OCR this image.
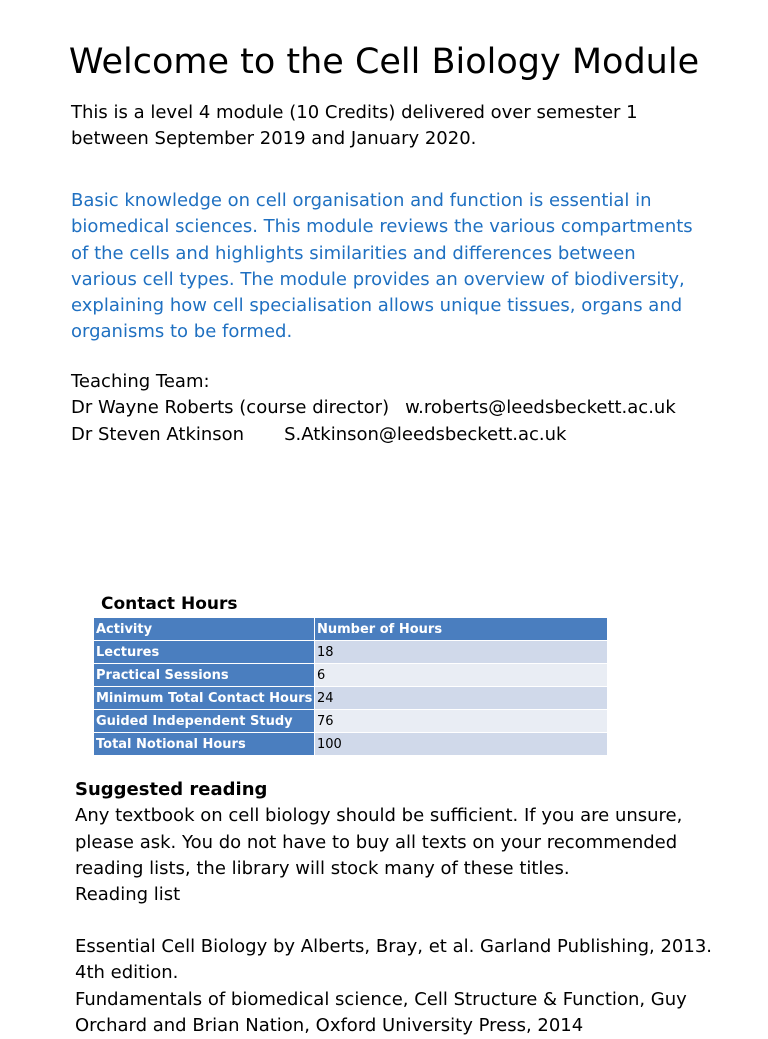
Welcome to the Cell Biology Module
This is a level 4 module (10 Credits) delivered over semester 1
between September 2019 and January 2020.
Basic knowledge on cell organisation and function is essential in
biomedical sciences. This module reviews the various compartments
of the cells and highlights similarities and differences between
various cell types. The module provides an overview of biodiversity,
explaining how cell specialisation allows unique tissues, organs and
organisms to be formed.
Teaching Team:
Dr Wayne Roberts (course director) w.roberts@leedsbeckett.ac.uk
Dr Steven Atkinson S.Atkinson@leedsbeckett.ac.uk
Contact Hours
Activity	Number of Hours
Lectures	18
Practical Sessions	6
Minimum Total Contact Hours	24
Guided Independent Study	76
Total Notional Hours	100
Suggested reading
Any textbook on cell biology should be sufficient. If you are unsure,
please ask. You do not have to buy all texts on your recommended
reading lists, the library will stock many of these titles.
Reading list
Essential Cell Biology by Alberts, Bray, et al. Garland Publishing, 2013.
4th edition.
Fundamentals of biomedical science, Cell Structure & Function, Guy
Orchard and Brian Nation, Oxford University Press, 2014
